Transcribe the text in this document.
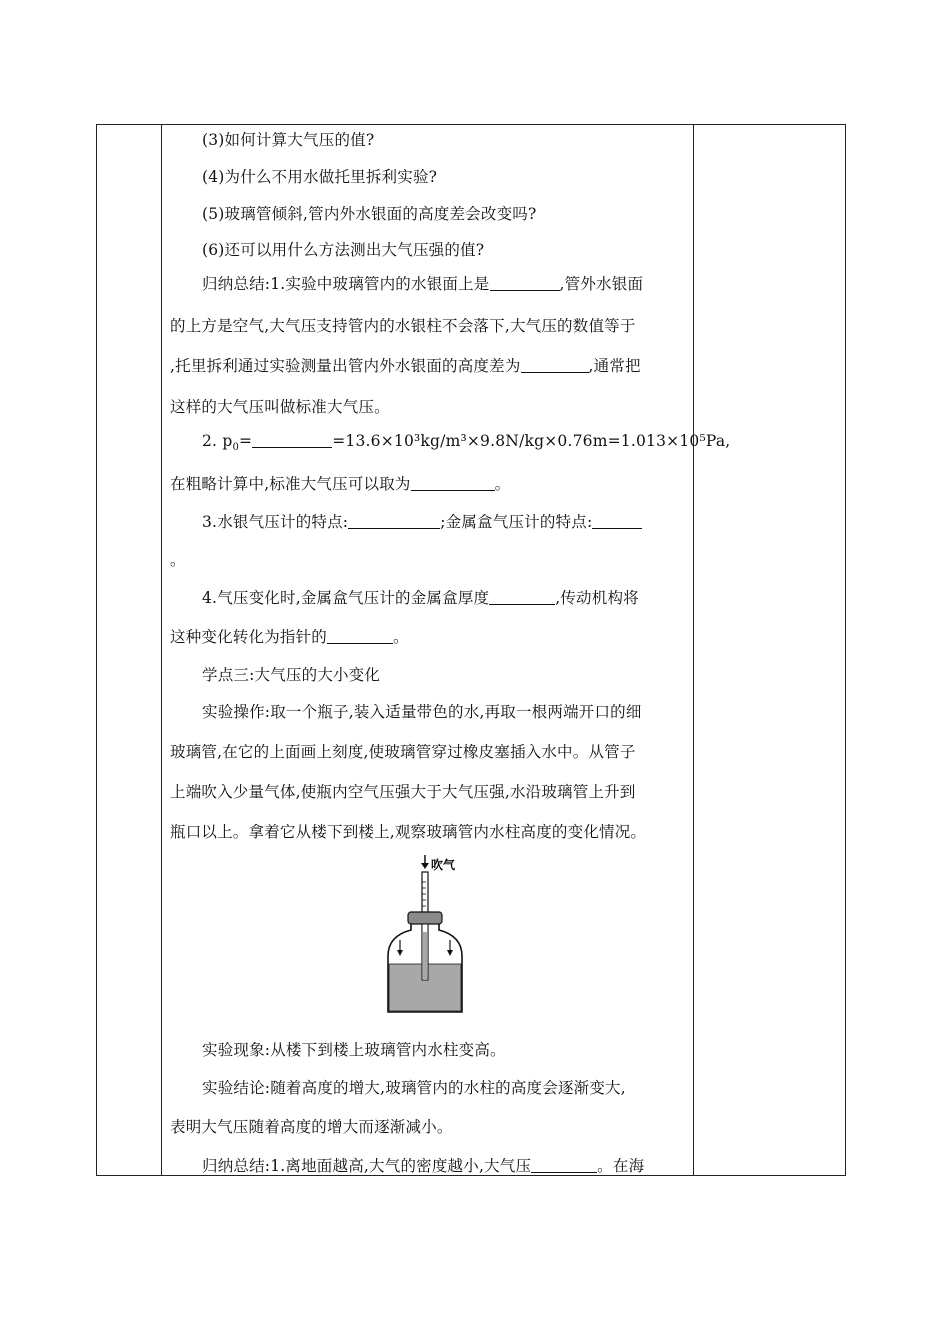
(3)如何计算大气压的值?
(4)为什么不用水做托里拆利实验?
(5)玻璃管倾斜,管内外水银面的高度差会改变吗?
(6)还可以用什么方法测出大气压强的值?
归纳总结:1.实验中玻璃管内的水银面上是	,管外水银面
的上方是空气,大气压支持管内的水银柱不会落下,大气压的数值等于
,托里拆利通过实验测量出管内外水银面的高度差为	,通常把
这样的大气压叫做标准大气压。
2. $p_0=$	=13.6×10³kg/m³×9.8N/kg×0.76m=1.013×10⁵Pa,
在粗略计算中,标准大气压可以取为	。
3.水银气压计的特点:	;金属盒气压计的特点:
。
4.气压变化时,金属盒气压计的金属盒厚度	,传动机构将
这种变化转化为指针的	。
学点三:大气压的大小变化
实验操作:取一个瓶子,装入适量带色的水,再取一根两端开口的细
玻璃管,在它的上面画上刻度,使玻璃管穿过橡皮塞插入水中。从管子
上端吹入少量气体,使瓶内空气压强大于大气压强,水沿玻璃管上升到
瓶口以上。拿着它从楼下到楼上,观察玻璃管内水柱高度的变化情况。
实验现象:从楼下到楼上玻璃管内水柱变高。
实验结论:随着高度的增大,玻璃管内的水柱的高度会逐渐变大,
表明大气压随着高度的增大而逐渐减小。
归纳总结:1.离地面越高,大气的密度越小,大气压	。在海
吹气
